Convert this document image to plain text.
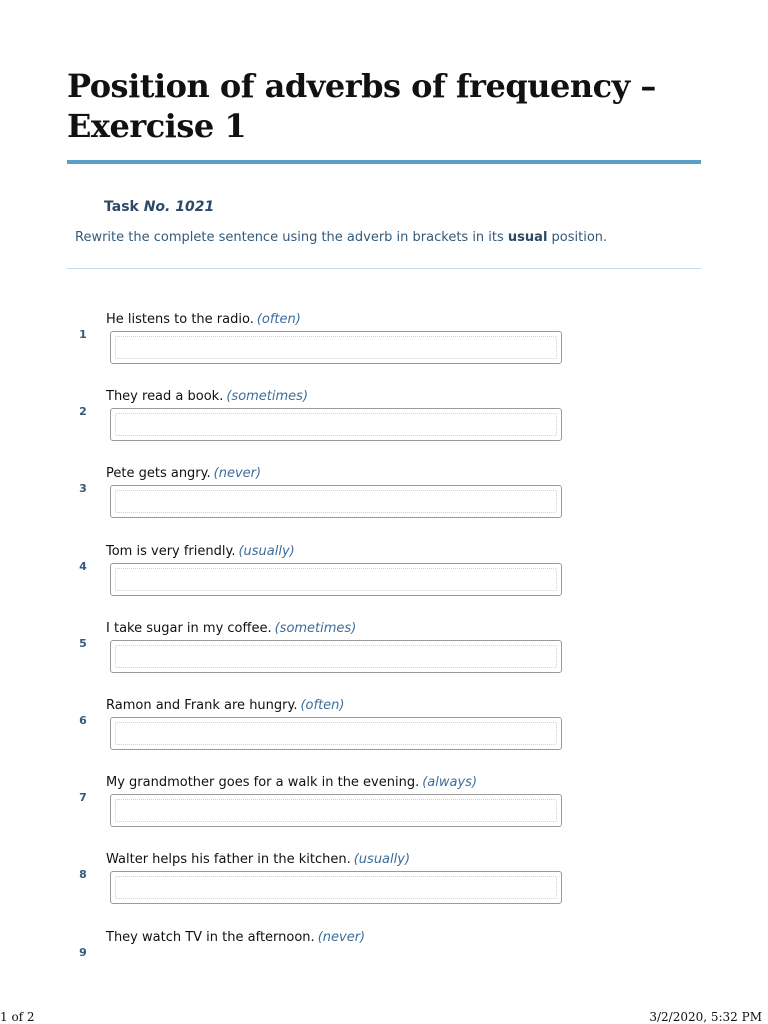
Position of adverbs of frequency –
Exercise 1
Task No. 1021

Rewrite the complete sentence using the adverb in brackets in its usual position.

1
He listens to the radio. (often)
2
They read a book. (sometimes)
3
Pete gets angry. (never)
4
Tom is very friendly. (usually)
5
I take sugar in my coffee. (sometimes)
6
Ramon and Frank are hungry. (often)
7
My grandmother goes for a walk in the evening. (always)
8
Walter helps his father in the kitchen. (usually)
9
They watch TV in the afternoon. (never)
1 of 2	3/2/2020, 5:32 PM
